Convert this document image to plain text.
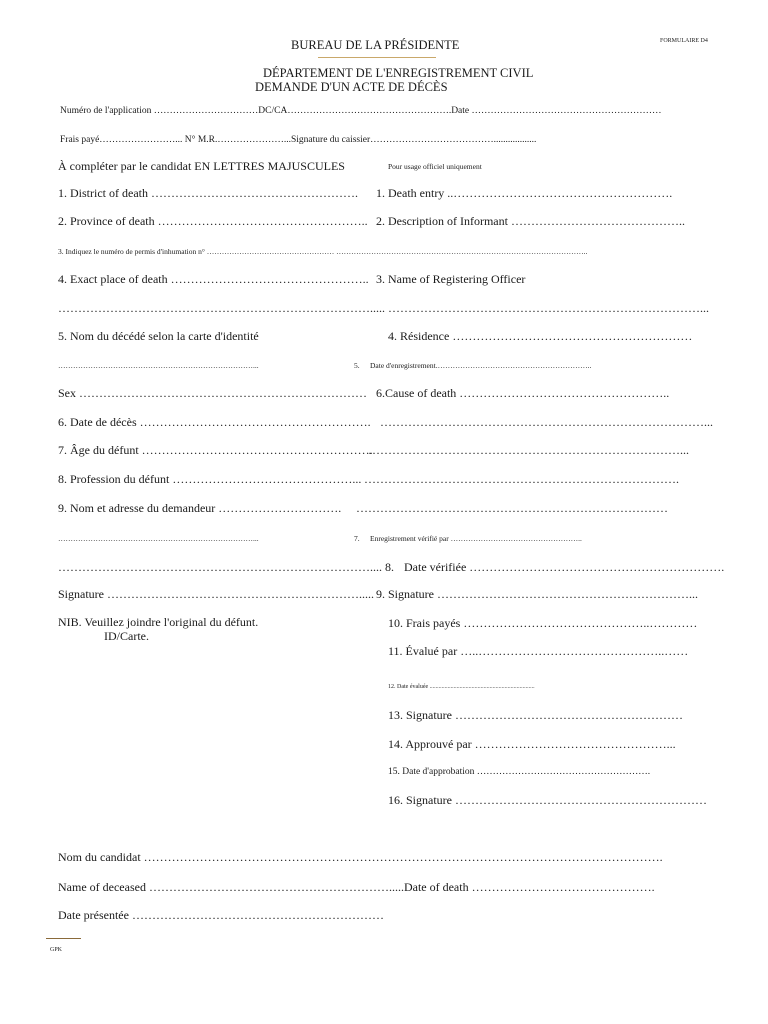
FORMULAIRE D4
BUREAU DE LA PRÉSIDENTE
DÉPARTEMENT DE L'ENREGISTREMENT CIVIL
DEMANDE D'UN ACTE DE DÉCÈS
Numéro de l'application ……………………………DC/CA…………………………………………….Date ……………………………………………………
Frais payé……………………... N° M.R.…………………...Signature du caissier…………………………………..................
À compléter par le candidat EN LETTRES MAJUSCULES
1. District of death …………………………………………….
2. Province of death ……………………………………………..
3. Indiquez le numéro de permis d'inhumation n° …………………………………………… ………………………………………………………………………………………..
4. Exact place of death …………………………………………..
…………………………………………………………………….....
5. Nom du décédé selon la carte d'identité
……………………………………………………………………...
Sex ………………………………………………………………
6. Date de décès ………………………………………………….
7. Âge du défunt ………………………………………………….
8. Profession du défunt ………………………………………...
9. Nom et adresse du demandeur ………………………….
……………………………………………………………………...
……………………………………………………………………....
Signature ……………………………………………………….....
NIB. Veuillez joindre l'original du défunt.
ID/Carte.
Pour usage officiel uniquement
1. Death entry ..……………………………………………….
2. Description of Informant ……………………………………..
3. Name of Registering Officer
……………………………………………………………………...
4. Résidence ……………………………………………………
5. Date d'enregistrement.……………………………………………………..
6.Cause of death ……………………………………………..
………………………………………………………………………...
……………………………………………………………………...
…………………………………………………………………….
……………………………………………………………………
7. Enregistrement vérifié par ……………………………………………..
8. Date vérifiée ……………………………………………………….
9. Signature ………………………………………………………...
10. Frais payés ………………………………………..…………
11. Évalué par …..………………………………………..……
12. Date évaluée ......................................................................
13. Signature …………………………………………………
14. Approuvé par …………………………………………...
15. Date d'approbation ……………………………………………….
16. Signature ………………………………………………………
Nom du candidat ………………………………………………………………………………………………………………….
Name of deceased …………………………………………………….....Date of death ……………………………………….
Date présentée ………………………………………………………
GPK
